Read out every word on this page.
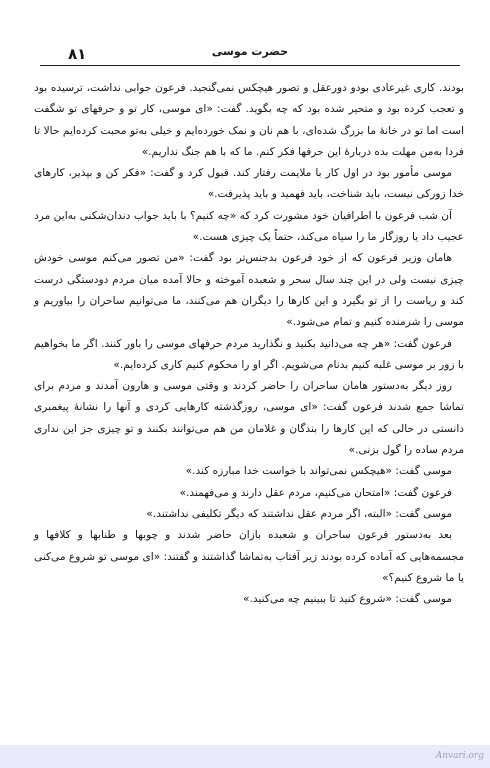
۸۱	حضرت موسی

بودند. کاری غیرعادی بودو دورعقل و تصور هیچکس نمی‌گنجید. فرعون جوابی نداشت، ترسیده بود و تعجب کرده بود و متحیر شده بود که چه بگوید. گفت: «ای موسی، کار تو و حرفهای تو شگفت است اما تو در خانهٔ ما بزرگ شده‌ای، با هم نان و نمک خورده‌ایم و خیلی به‌تو محبت کرده‌ایم حالا تا فردا به‌من مهلت بده دربارهٔ این حرفها فکر کنم. ما که با هم جنگ نداریم.»

موسی مأمور بود در اول کار با ملایمت رفتار کند. قبول کرد و گفت: «فکر کن و بپذیر، کارهای خدا زورکی نیست، باید شناخت، باید فهمید و باید پذیرفت.»

آن شب فرعون با اطرافیان خود مشورت کرد که «چه کنیم؟ با باید جواب دندان‌شکنی به‌این مرد عجیب داد یا روزگار ما را سیاه می‌کند، حتماً یک چیزی هست.»

هامان وزیر فرعون که از خود فرعون بدجنس‌تر بود گفت: «من تصور می‌کنم موسی خودش چیزی نیست ولی در این چند سال سحر و شعبده آموخته و حالا آمده میان مردم دودستگی درست کند و ریاست را از تو بگیرد و این کارها را دیگران هم می‌کنند، ما می‌توانیم ساحران را بیاوریم و موسی را شرمنده کنیم و تمام می‌شود.»

فرعون گفت: «هر چه می‌دانید بکنید و نگذارید مردم حرفهای موسی را باور کنند. اگر ما بخواهیم با زور بر موسی غلبه کنیم بدنام می‌شویم. اگر او را محکوم کنیم کاری کرده‌ایم.»

روز دیگر به‌دستور هامان ساحران را حاضر کردند و وقتی موسی و هارون آمدند و مردم برای تماشا جمع شدند فرعون گفت: «ای موسی، روزگذشته کارهایی کردی و آنها را نشانهٔ پیغمبری دانستی در حالی که این کارها را بندگان و غلامان من هم می‌توانند بکنند و تو چیزی جز این نداری مردم ساده را گول بزنی.»

موسی گفت: «هیچکس نمی‌تواند با خواست خدا مبارزه کند.»

فرعون گفت: «امتحان می‌کنیم، مردم عقل دارند و می‌فهمند.»

موسی گفت: «البته، اگر مردم عقل نداشتند که دیگر تکلیفی نداشتند.»

بعد به‌دستور فرعون ساحران و شعبده بازان حاضر شدند و چوبها و طنابها و کلافها و مجسمه‌هایی که آماده کرده بودند زیر آفتاب به‌تماشا گذاشتند و گفتند: «ای موسی تو شروع می‌کنی یا ما شروع کنیم؟»

موسی گفت: «شروع کنید تا ببینیم چه می‌کنید.»

Anvari.org
